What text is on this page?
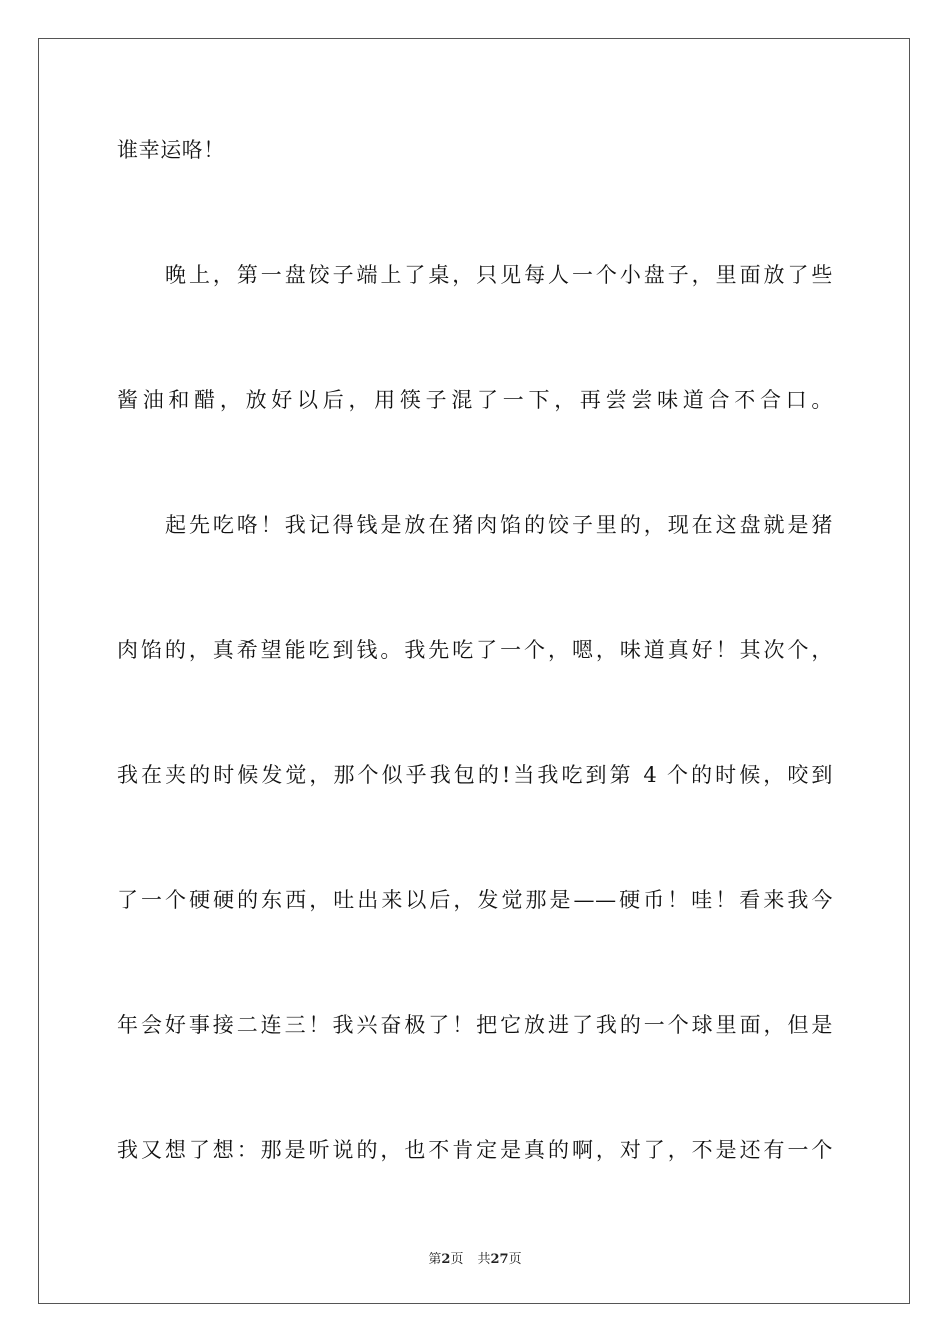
谁幸运咯！
晚上，第一盘饺子端上了桌，只见每人一个小盘子，里面放了些
酱油和醋，放好以后，用筷子混了一下，再尝尝味道合不合口。
起先吃咯！我记得钱是放在猪肉馅的饺子里的，现在这盘就是猪
肉馅的，真希望能吃到钱。我先吃了一个，嗯，味道真好！其次个，
我在夹的时候发觉，那个似乎我包的!当我吃到第 4 个的时候，咬到
了一个硬硬的东西，吐出来以后，发觉那是——硬币！哇！看来我今
年会好事接二连三！我兴奋极了！把它放进了我的一个球里面，但是
我又想了想：那是听说的，也不肯定是真的啊，对了，不是还有一个
第2页 共27页
